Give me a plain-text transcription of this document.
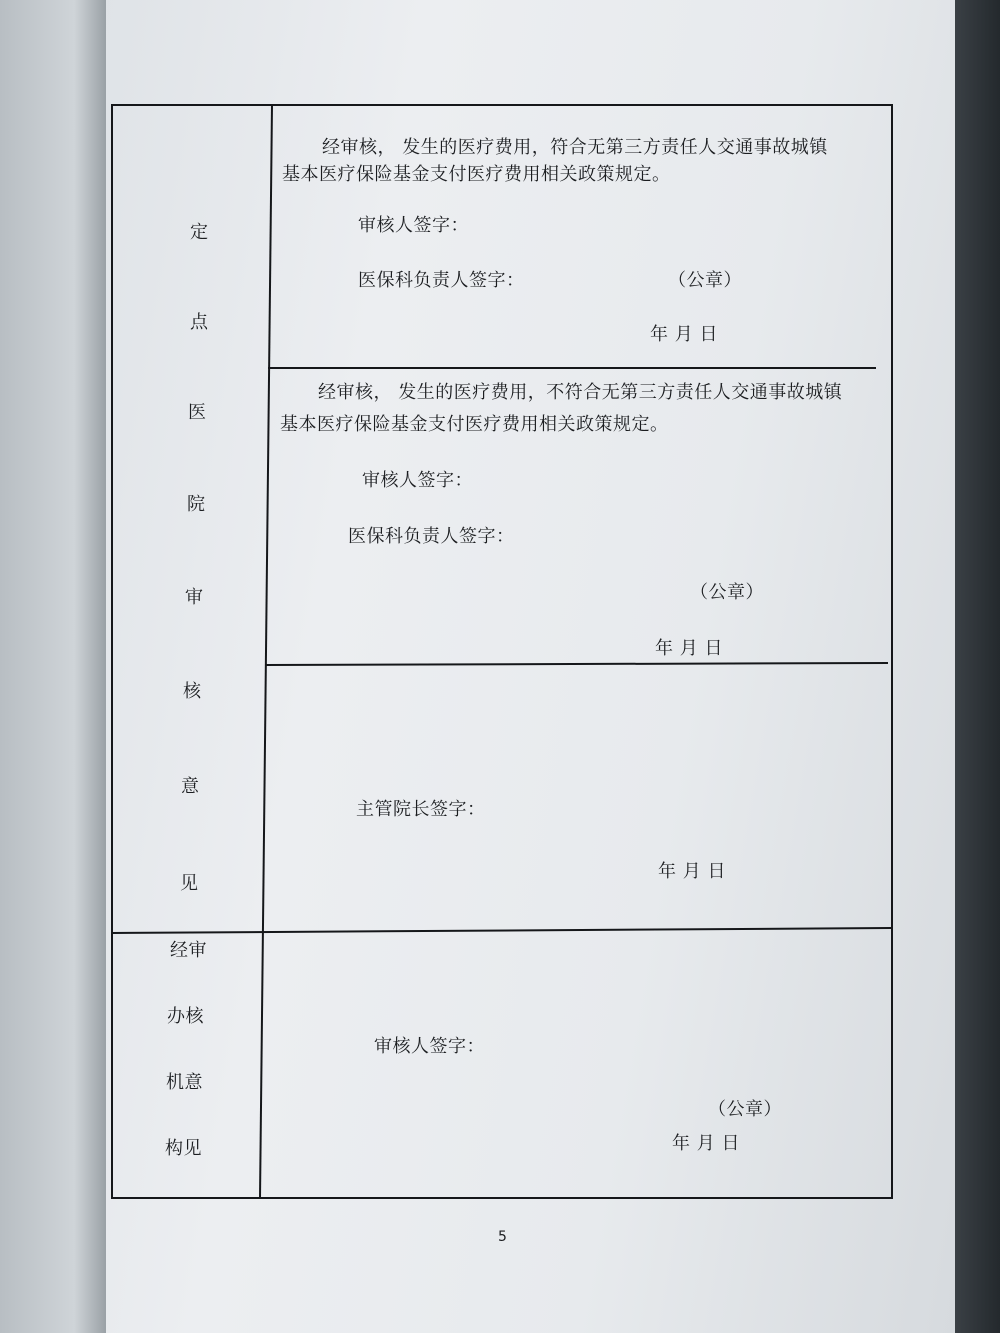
定
点
医
院
审
核
意
见
经审核， 发生的医疗费用，符合无第三方责任人交通事故城镇
基本医疗保险基金支付医疗费用相关政策规定。
审核人签字：
医保科负责人签字：	（公章）
年 月 日
经审核， 发生的医疗费用，不符合无第三方责任人交通事故城镇
基本医疗保险基金支付医疗费用相关政策规定。
审核人签字：
医保科负责人签字：
（公章）
年 月 日
主管院长签字：
年 月 日
经审
办核
机意
构见
审核人签字：
（公章）
年 月 日
5
